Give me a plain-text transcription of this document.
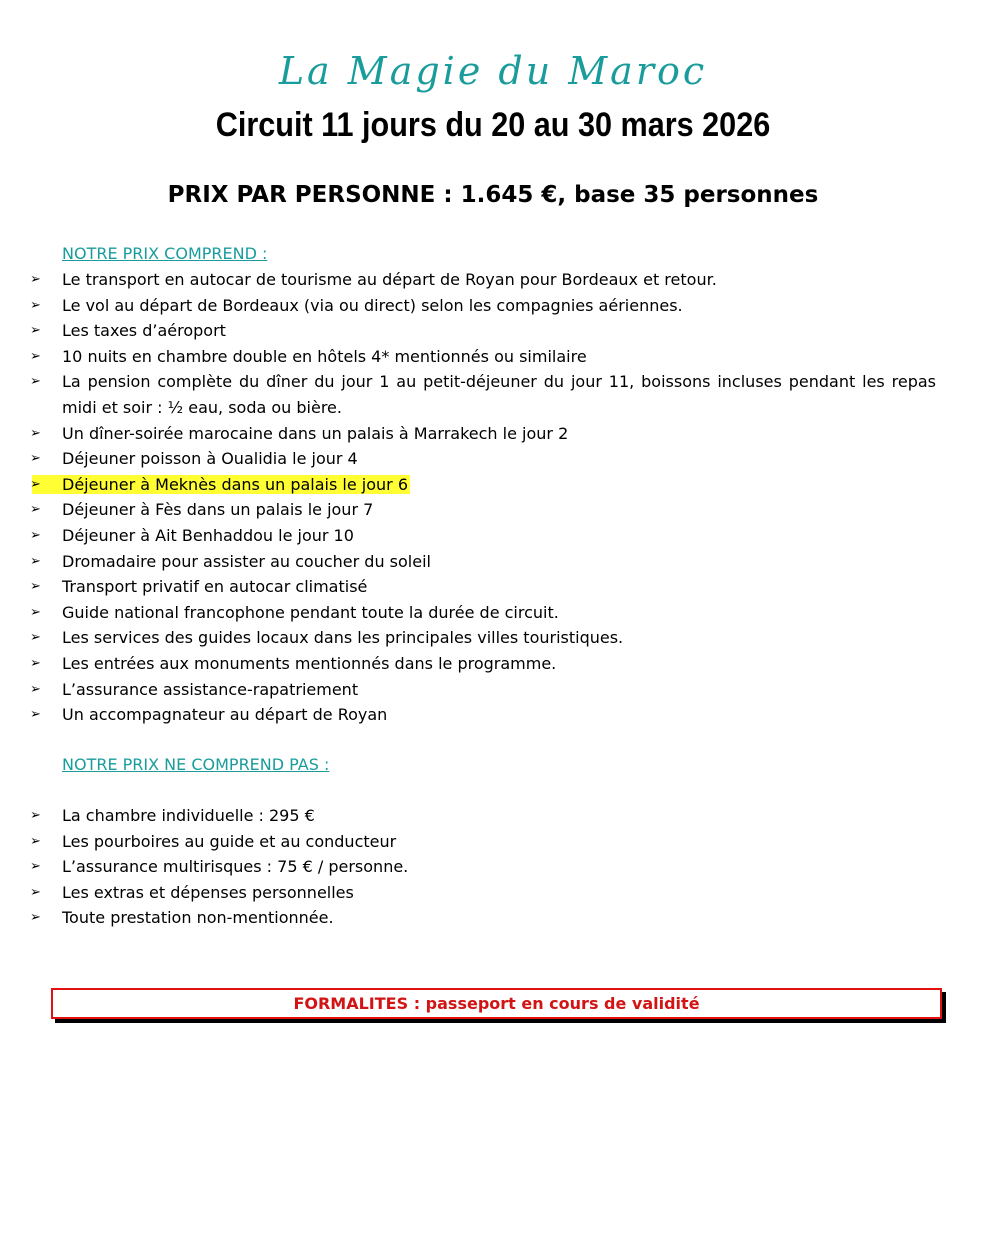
La Magie du Maroc
Circuit 11 jours du 20 au 30 mars 2026
PRIX PAR PERSONNE : 1.645 €, base 35 personnes
NOTRE PRIX COMPREND :
➢ Le transport en autocar de tourisme au départ de Royan pour Bordeaux et retour.
➢ Le vol au départ de Bordeaux (via ou direct) selon les compagnies aériennes.
➢ Les taxes d’aéroport
➢ 10 nuits en chambre double en hôtels 4* mentionnés ou similaire
➢ La pension complète du dîner du jour 1 au petit-déjeuner du jour 11, boissons incluses pendant les repas midi et soir : ½ eau, soda ou bière.
➢ Un dîner-soirée marocaine dans un palais à Marrakech le jour 2
➢ Déjeuner poisson à Oualidia le jour 4
➢ Déjeuner à Meknès dans un palais le jour 6
➢ Déjeuner à Fès dans un palais le jour 7
➢ Déjeuner à Ait Benhaddou le jour 10
➢ Dromadaire pour assister au coucher du soleil
➢ Transport privatif en autocar climatisé
➢ Guide national francophone pendant toute la durée de circuit.
➢ Les services des guides locaux dans les principales villes touristiques.
➢ Les entrées aux monuments mentionnés dans le programme.
➢ L’assurance assistance-rapatriement
➢ Un accompagnateur au départ de Royan
NOTRE PRIX NE COMPREND PAS :
➢ La chambre individuelle : 295 €
➢ Les pourboires au guide et au conducteur
➢ L’assurance multirisques : 75 € / personne.
➢ Les extras et dépenses personnelles
➢ Toute prestation non-mentionnée.
FORMALITES : passeport en cours de validité
